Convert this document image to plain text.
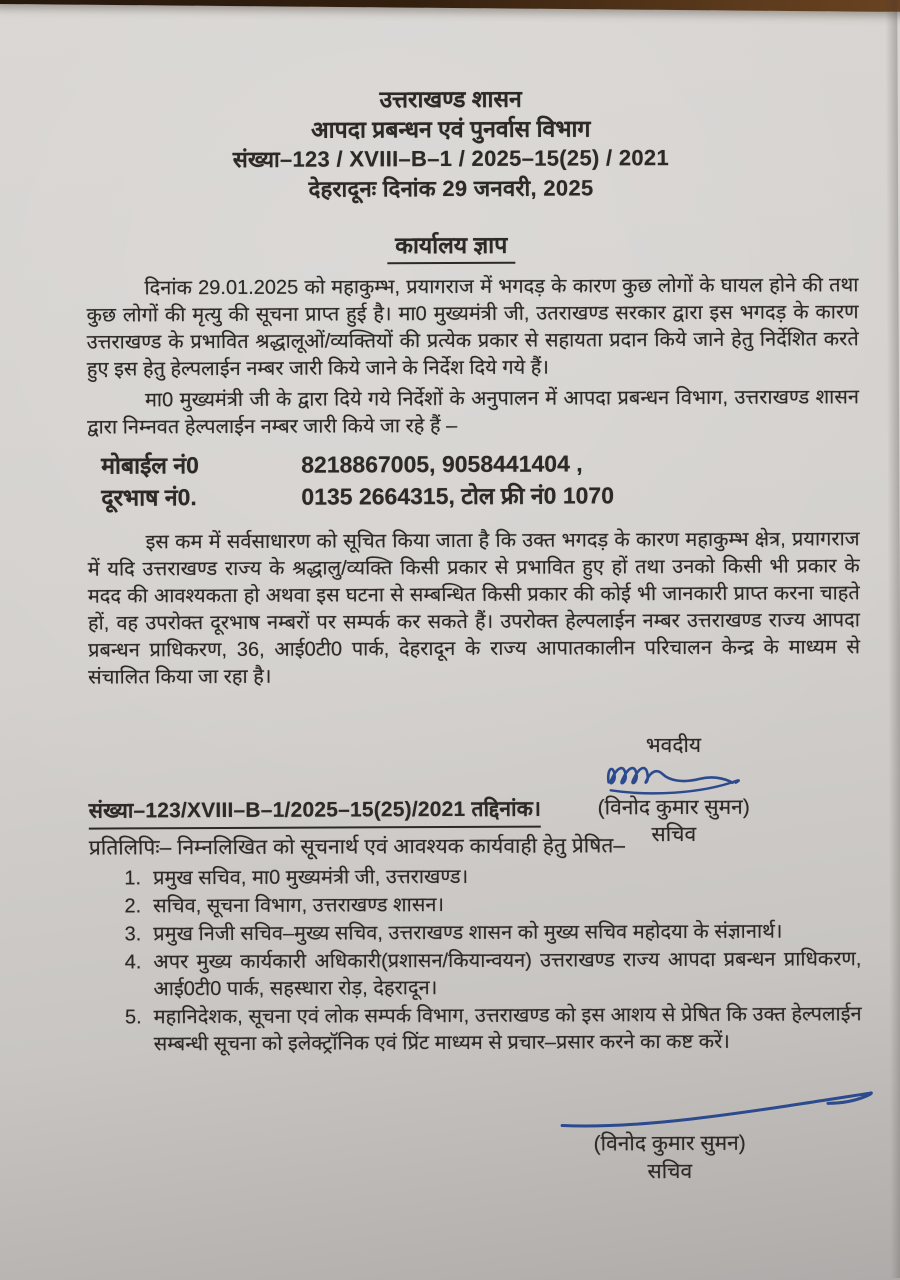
उत्तराखण्ड शासन
आपदा प्रबन्धन एवं पुनर्वास विभाग
संख्या–123 / XVIII–B–1 / 2025–15(25) / 2021
देहरादूनः दिनांक 29 जनवरी, 2025
कार्यालय ज्ञाप

दिनांक 29.01.2025 को महाकुम्भ, प्रयागराज में भगदड़ के कारण कुछ लोगों के घायल होने की तथा कुछ लोगों की मृत्यु की सूचना प्राप्त हुई है। मा0 मुख्यमंत्री जी, उतराखण्ड सरकार द्वारा इस भगदड़ के कारण उत्तराखण्ड के प्रभावित श्रद्धालूओं/व्यक्तियों की प्रत्येक प्रकार से सहायता प्रदान किये जाने हेतु निर्देशित करते हुए इस हेतु हेल्पलाईन नम्बर जारी किये जाने के निर्देश दिये गये हैं।

मा0 मुख्यमंत्री जी के द्वारा दिये गये निर्देशों के अनुपालन में आपदा प्रबन्धन विभाग, उत्तराखण्ड शासन द्वारा निम्नवत हेल्पलाईन नम्बर जारी किये जा रहे हैं –

मोबाईल नं0	8218867005, 9058441404 ,
दूरभाष नं0.	0135 2664315, टोल फ्री नं0 1070

इस कम में सर्वसाधारण को सूचित किया जाता है कि उक्त भगदड़ के कारण महाकुम्भ क्षेत्र, प्रयागराज में यदि उत्तराखण्ड राज्य के श्रद्धालु/व्यक्ति किसी प्रकार से प्रभावित हुए हों तथा उनको किसी भी प्रकार के मदद की आवश्यकता हो अथवा इस घटना से सम्बन्धित किसी प्रकार की कोई भी जानकारी प्राप्त करना चाहते हों, वह उपरोक्त दूरभाष नम्बरों पर सम्पर्क कर सकते हैं। उपरोक्त हेल्पलाईन नम्बर उत्तराखण्ड राज्य आपदा प्रबन्धन प्राधिकरण, 36, आई0टी0 पार्क, देहरादून के राज्य आपातकालीन परिचालन केन्द्र के माध्यम से संचालित किया जा रहा है।

संख्या–123/XVIII–B–1/2025–15(25)/2021 तद्दिनांक।
प्रतिलिपिः– निम्नलिखित को सूचनार्थ एवं आवश्यक कार्यवाही हेतु प्रेषित–
1. प्रमुख सचिव, मा0 मुख्यमंत्री जी, उत्तराखण्ड।
2. सचिव, सूचना विभाग, उत्तराखण्ड शासन।
3. प्रमुख निजी सचिव–मुख्य सचिव, उत्तराखण्ड शासन को मुख्य सचिव महोदया के संज्ञानार्थ।
4. अपर मुख्य कार्यकारी अधिकारी(प्रशासन/कियान्वयन) उत्तराखण्ड राज्य आपदा प्रबन्धन प्राधिकरण, आई0टी0 पार्क, सहस्धारा रोड़, देहरादून।
5. महानिदेशक, सूचना एवं लोक सम्पर्क विभाग, उत्तराखण्ड को इस आशय से प्रेषित कि उक्त हेल्पलाईन सम्बन्धी सूचना को इलेक्ट्रॉनिक एवं प्रिंट माध्यम से प्रचार–प्रसार करने का कष्ट करें।
भवदीय
(विनोद कुमार सुमन)
सचिव
(विनोद कुमार सुमन)
सचिव
